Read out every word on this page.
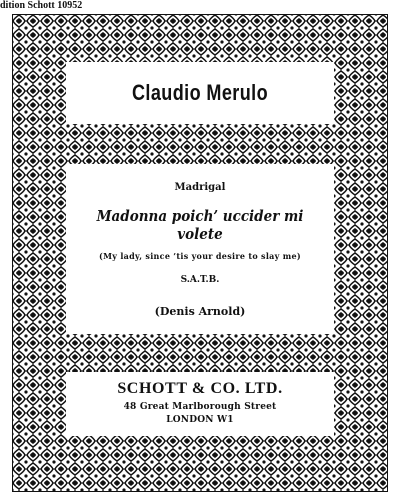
dition Schott 10952
Claudio Merulo
Madrigal
Madonna poich’ uccider mi volete
(My lady, since ’tis your desire to slay me)
S.A.T.B.
(Denis Arnold)
SCHOTT & CO. LTD.
48 Great Marlborough Street
LONDON W1
